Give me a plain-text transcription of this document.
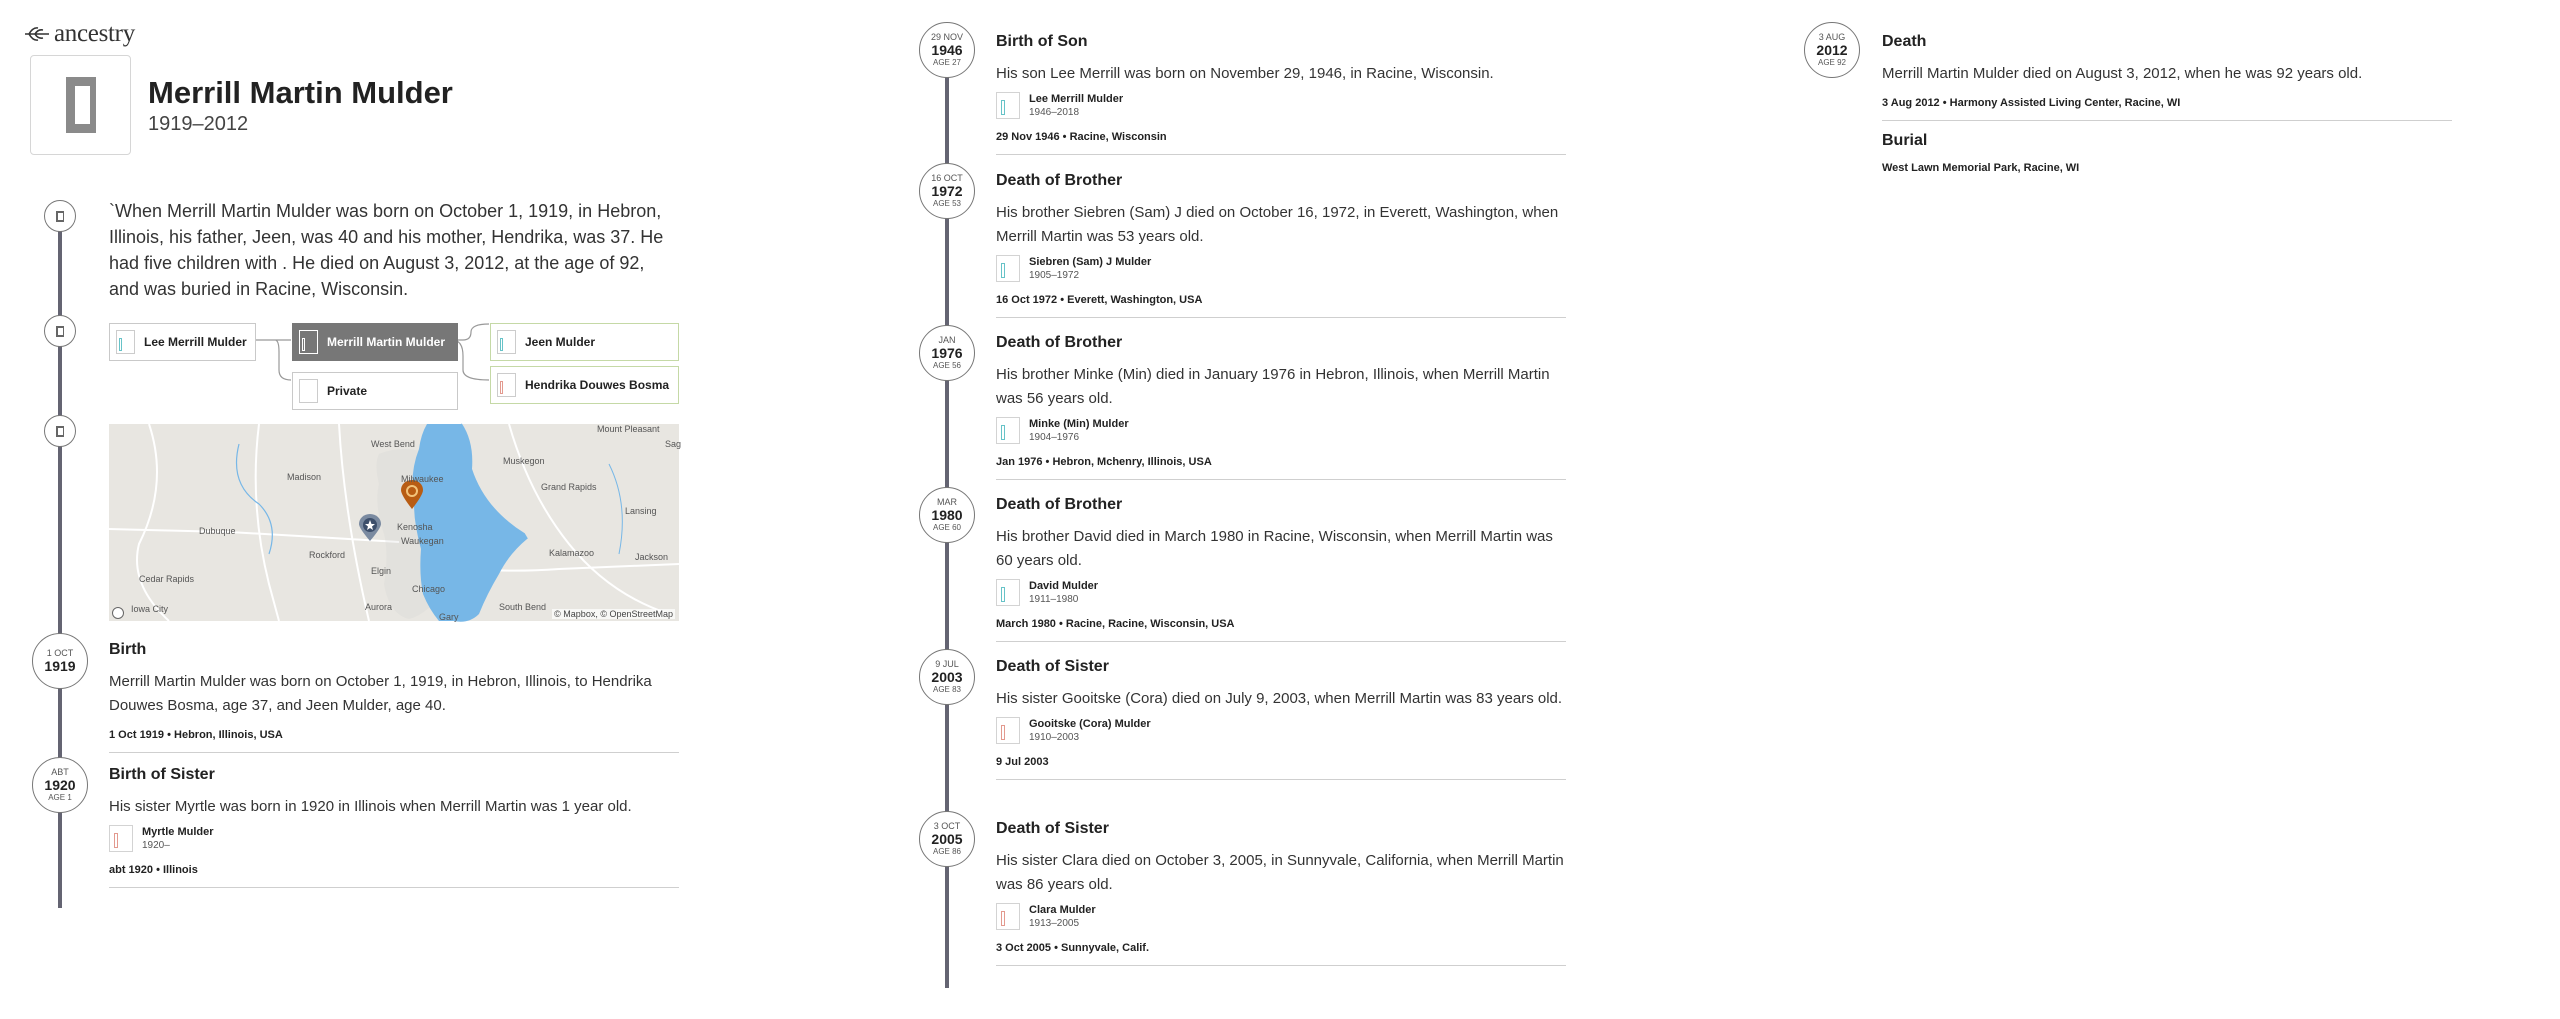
ancestry
Merrill Martin Mulder
1919–2012
`When Merrill Martin Mulder was born on October 1, 1919, in Hebron, Illinois, his father, Jeen, was 40 and his mother, Hendrika, was 37. He had five children with . He died on August 3, 2012, at the age of 92, and was buried in Racine, Wisconsin.
Lee Merrill Mulder	Merrill Martin Mulder
Private
Jeen Mulder
Hendrika Douwes Bosma
West Bend
Mount Pleasant
Sag
Madison	Milwaukee
Muskegon
Grand Rapids
Dubuque	Kenosha
Lansing
Waukegan
Rockford
Elgin
Kalamazoo	Jackson
Cedar Rapids
Chicago
Iowa City	Aurora	South Bend
Gary	© Mapbox, © OpenStreetMap
1 OCT
1919
Birth
Merrill Martin Mulder was born on October 1, 1919, in Hebron, Illinois, to Hendrika Douwes Bosma, age 37, and Jeen Mulder, age 40.
1 Oct 1919 • Hebron, Illinois, USA
ABT
1920
AGE 1
Birth of Sister
His sister Myrtle was born in 1920 in Illinois when Merrill Martin was 1 year old.
Myrtle Mulder
1920–
abt 1920 • Illinois
29 NOV
1946
AGE 27
Birth of Son
His son Lee Merrill was born on November 29, 1946, in Racine, Wisconsin.
Lee Merrill Mulder
1946–2018
29 Nov 1946 • Racine, Wisconsin
16 OCT
1972
AGE 53
Death of Brother
His brother Siebren (Sam) J died on October 16, 1972, in Everett, Washington, when Merrill Martin was 53 years old.
Siebren (Sam) J Mulder
1905–1972
16 Oct 1972 • Everett, Washington, USA
JAN
1976
AGE 56
Death of Brother
His brother Minke (Min) died in January 1976 in Hebron, Illinois, when Merrill Martin was 56 years old.
Minke (Min) Mulder
1904–1976
Jan 1976 • Hebron, Mchenry, Illinois, USA
MAR
1980
AGE 60
Death of Brother
His brother David died in March 1980 in Racine, Wisconsin, when Merrill Martin was 60 years old.
David Mulder
1911–1980
March 1980 • Racine, Racine, Wisconsin, USA
9 JUL
2003
AGE 83
Death of Sister
His sister Gooitske (Cora) died on July 9, 2003, when Merrill Martin was 83 years old.
Gooitske (Cora) Mulder
1910–2003
9 Jul 2003
3 OCT
2005
AGE 86
Death of Sister
His sister Clara died on October 3, 2005, in Sunnyvale, California, when Merrill Martin was 86 years old.
Clara Mulder
1913–2005
3 Oct 2005 • Sunnyvale, Calif.
3 AUG
2012
AGE 92
Death
Merrill Martin Mulder died on August 3, 2012, when he was 92 years old.
3 Aug 2012 • Harmony Assisted Living Center, Racine, WI
Burial
West Lawn Memorial Park, Racine, WI
